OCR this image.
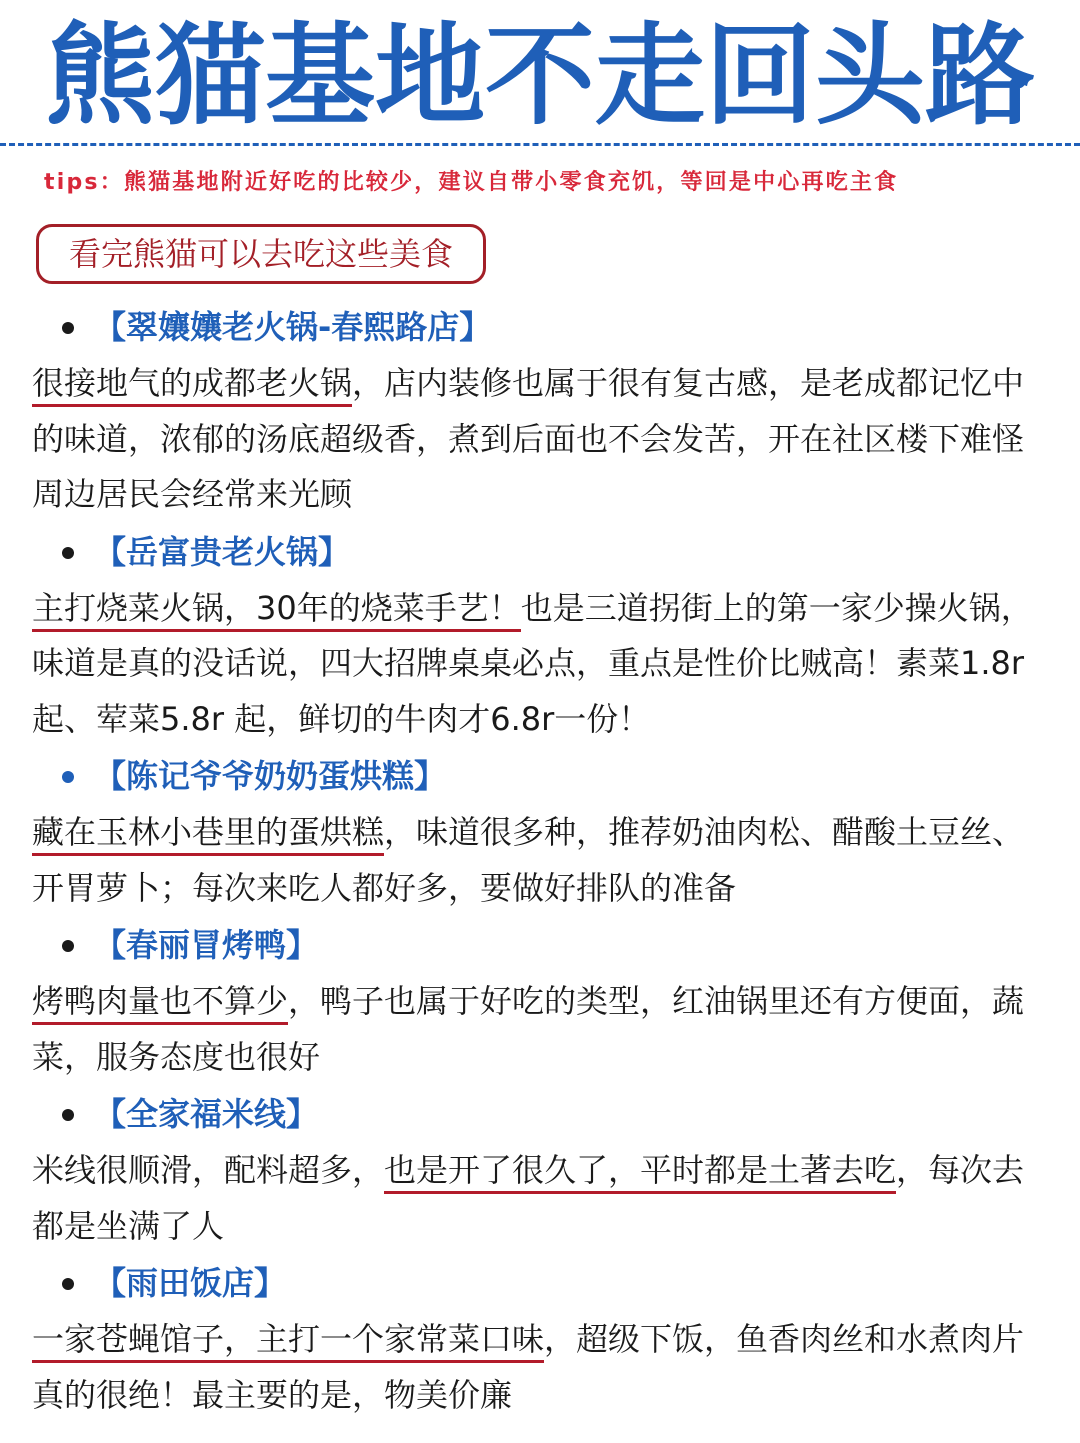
熊猫基地不走回头路
tips：熊猫基地附近好吃的比较少，建议自带小零食充饥，等回是中心再吃主食
看完熊猫可以去吃这些美食
【翠孃孃老火锅-春熙路店】
很接地气的成都老火锅，店内装修也属于很有复古感，是老成都记忆中的味道，浓郁的汤底超级香，煮到后面也不会发苦，开在社区楼下难怪周边居民会经常来光顾
【岳富贵老火锅】
主打烧菜火锅，30年的烧菜手艺！也是三道拐街上的第一家少操火锅，味道是真的没话说，四大招牌桌桌必点，重点是性价比贼高！素菜1.8r 起、荤菜5.8r 起，鲜切的牛肉才6.8r一份！
【陈记爷爷奶奶蛋烘糕】
藏在玉林小巷里的蛋烘糕，味道很多种，推荐奶油肉松、醋酸土豆丝、开胃萝卜；每次来吃人都好多，要做好排队的准备
【春丽冒烤鸭】
烤鸭肉量也不算少，鸭子也属于好吃的类型，红油锅里还有方便面，蔬菜，服务态度也很好
【全家福米线】
米线很顺滑，配料超多，也是开了很久了，平时都是土著去吃，每次去都是坐满了人
【雨田饭店】
一家苍蝇馆子，主打一个家常菜口味，超级下饭，鱼香肉丝和水煮肉片真的很绝！最主要的是，物美价廉
